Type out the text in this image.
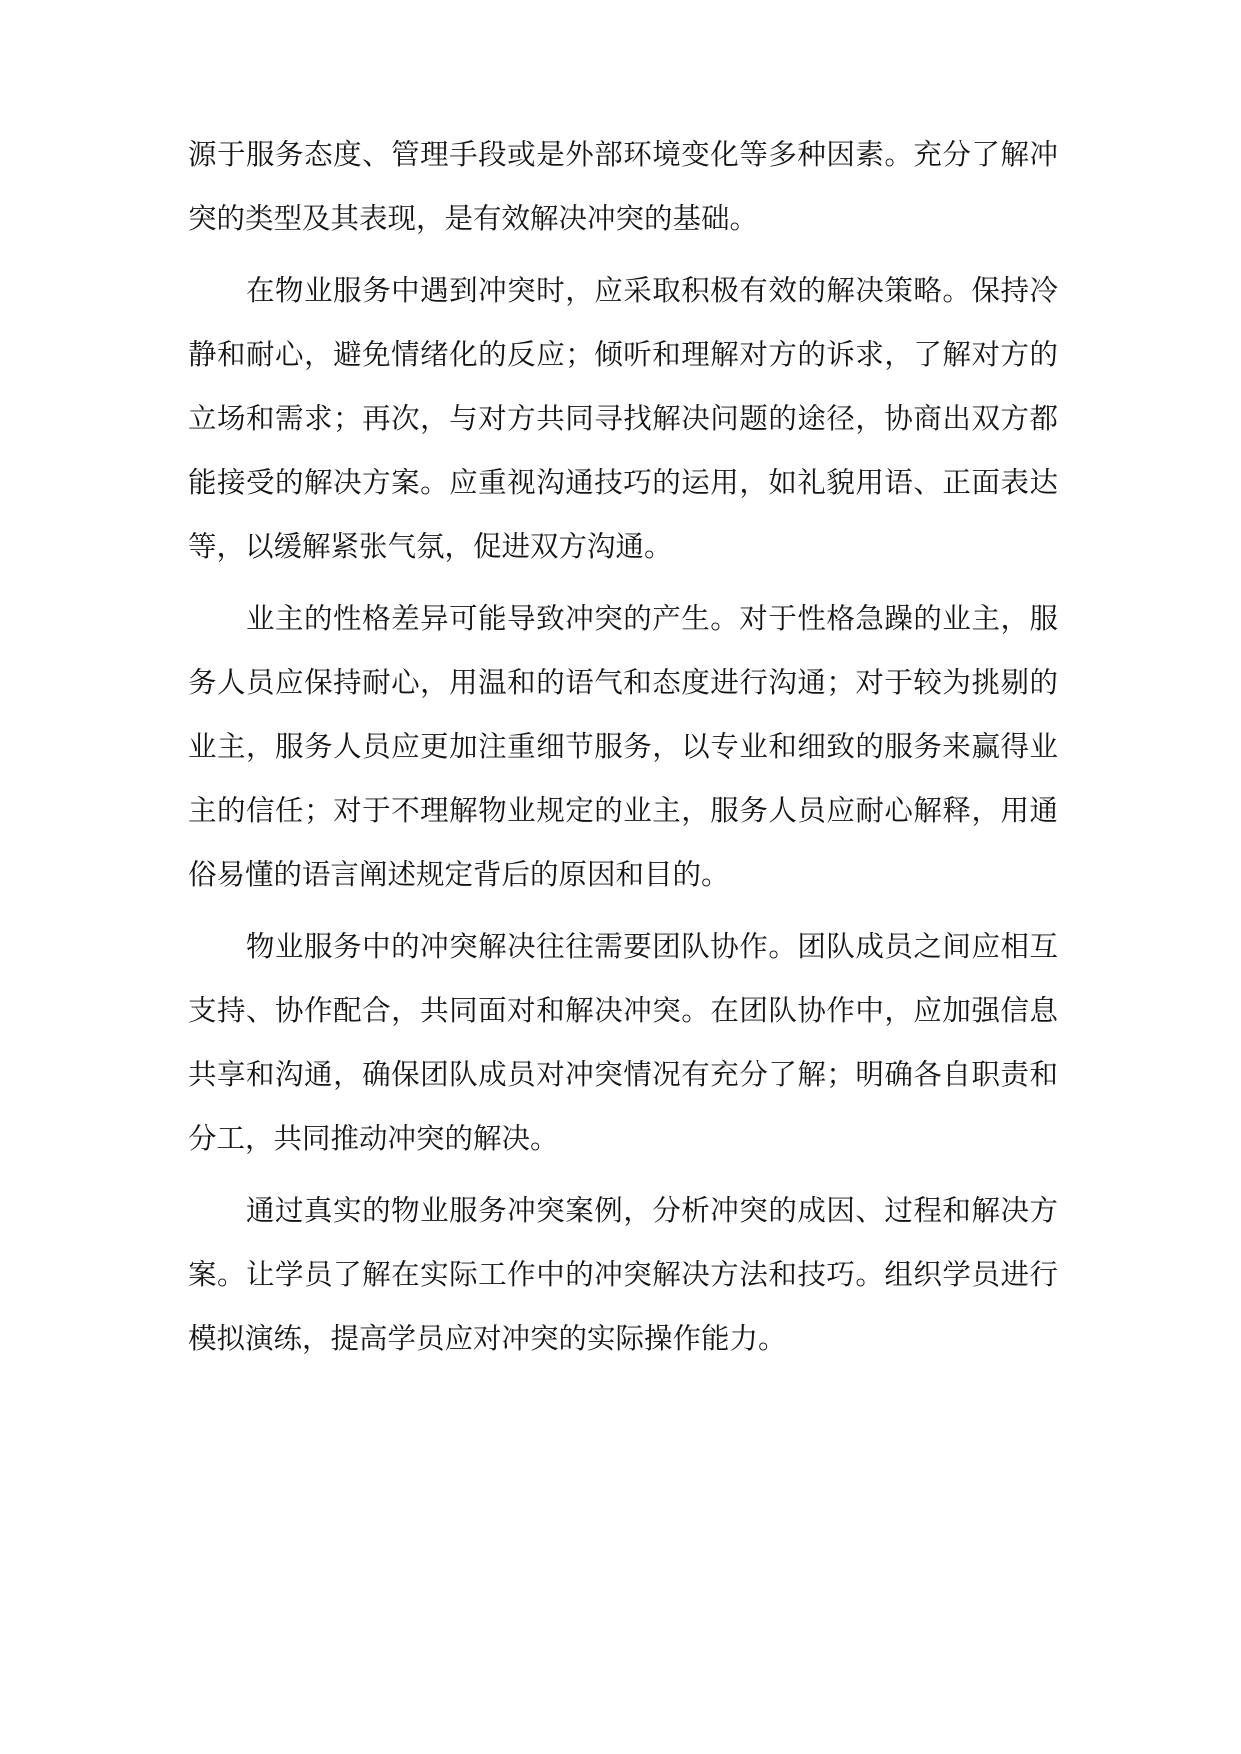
源于服务态度、管理手段或是外部环境变化等多种因素。充分了解冲

突的类型及其表现，是有效解决冲突的基础。

在物业服务中遇到冲突时，应采取积极有效的解决策略。保持冷

静和耐心，避免情绪化的反应；倾听和理解对方的诉求，了解对方的

立场和需求；再次，与对方共同寻找解决问题的途径，协商出双方都

能接受的解决方案。应重视沟通技巧的运用，如礼貌用语、正面表达

等，以缓解紧张气氛，促进双方沟通。

业主的性格差异可能导致冲突的产生。对于性格急躁的业主，服

务人员应保持耐心，用温和的语气和态度进行沟通；对于较为挑剔的

业主，服务人员应更加注重细节服务，以专业和细致的服务来赢得业

主的信任；对于不理解物业规定的业主，服务人员应耐心解释，用通

俗易懂的语言阐述规定背后的原因和目的。

物业服务中的冲突解决往往需要团队协作。团队成员之间应相互

支持、协作配合，共同面对和解决冲突。在团队协作中，应加强信息

共享和沟通，确保团队成员对冲突情况有充分了解；明确各自职责和

分工，共同推动冲突的解决。

通过真实的物业服务冲突案例，分析冲突的成因、过程和解决方

案。让学员了解在实际工作中的冲突解决方法和技巧。组织学员进行

模拟演练，提高学员应对冲突的实际操作能力。
